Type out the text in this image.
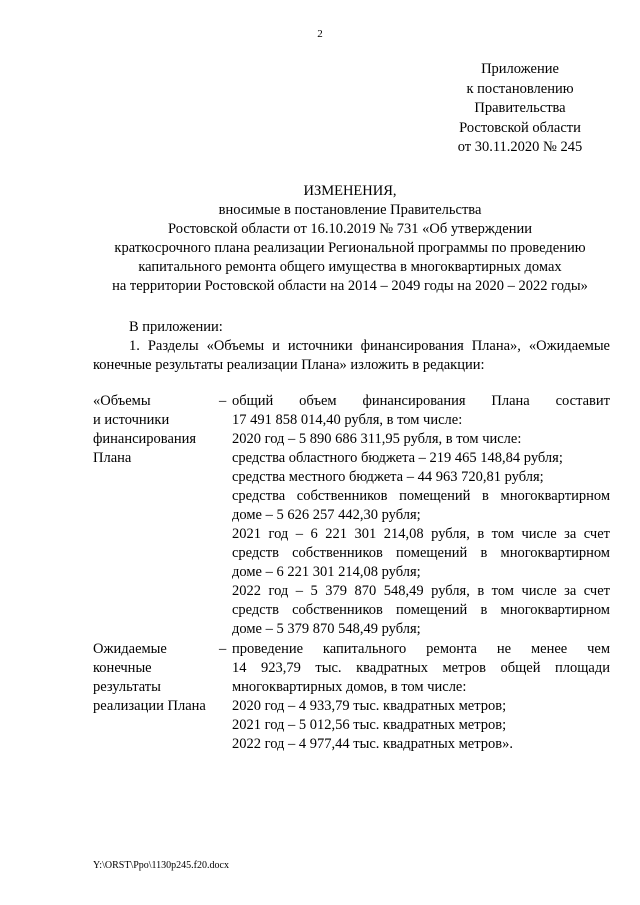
2
Приложение
к постановлению
Правительства
Ростовской области
от 30.11.2020 № 245
ИЗМЕНЕНИЯ,
вносимые в постановление Правительства
Ростовской области от 16.10.2019 № 731 «Об утверждении
краткосрочного плана реализации Региональной программы по проведению
капитального ремонта общего имущества в многоквартирных домах
на территории Ростовской области на 2014 – 2049 годы на 2020 – 2022 годы»
В приложении:
1. Разделы «Объемы и источники финансирования Плана», «Ожидаемые
конечные результаты реализации Плана» изложить в редакции:
«Объемы
и источники
финансирования
Плана
– общий объем финансирования Плана составит
17 491 858 014,40 рубля, в том числе:
2020 год – 5 890 686 311,95 рубля, в том числе:
средства областного бюджета – 219 465 148,84 рубля;
средства местного бюджета – 44 963 720,81 рубля;
средства собственников помещений в многоквартирном
доме – 5 626 257 442,30 рубля;
2021 год – 6 221 301 214,08 рубля, в том числе за счет
средств собственников помещений в многоквартирном
доме – 6 221 301 214,08 рубля;
2022 год – 5 379 870 548,49 рубля, в том числе за счет
средств собственников помещений в многоквартирном
доме – 5 379 870 548,49 рубля;
Ожидаемые
конечные
результаты
реализации Плана
– проведение капитального ремонта не менее чем
14 923,79 тыс. квадратных метров общей площади
многоквартирных домов, в том числе:
2020 год – 4 933,79 тыс. квадратных метров;
2021 год – 5 012,56 тыс. квадратных метров;
2022 год – 4 977,44 тыс. квадратных метров».
Y:\ORST\Ppo\1130p245.f20.docx
